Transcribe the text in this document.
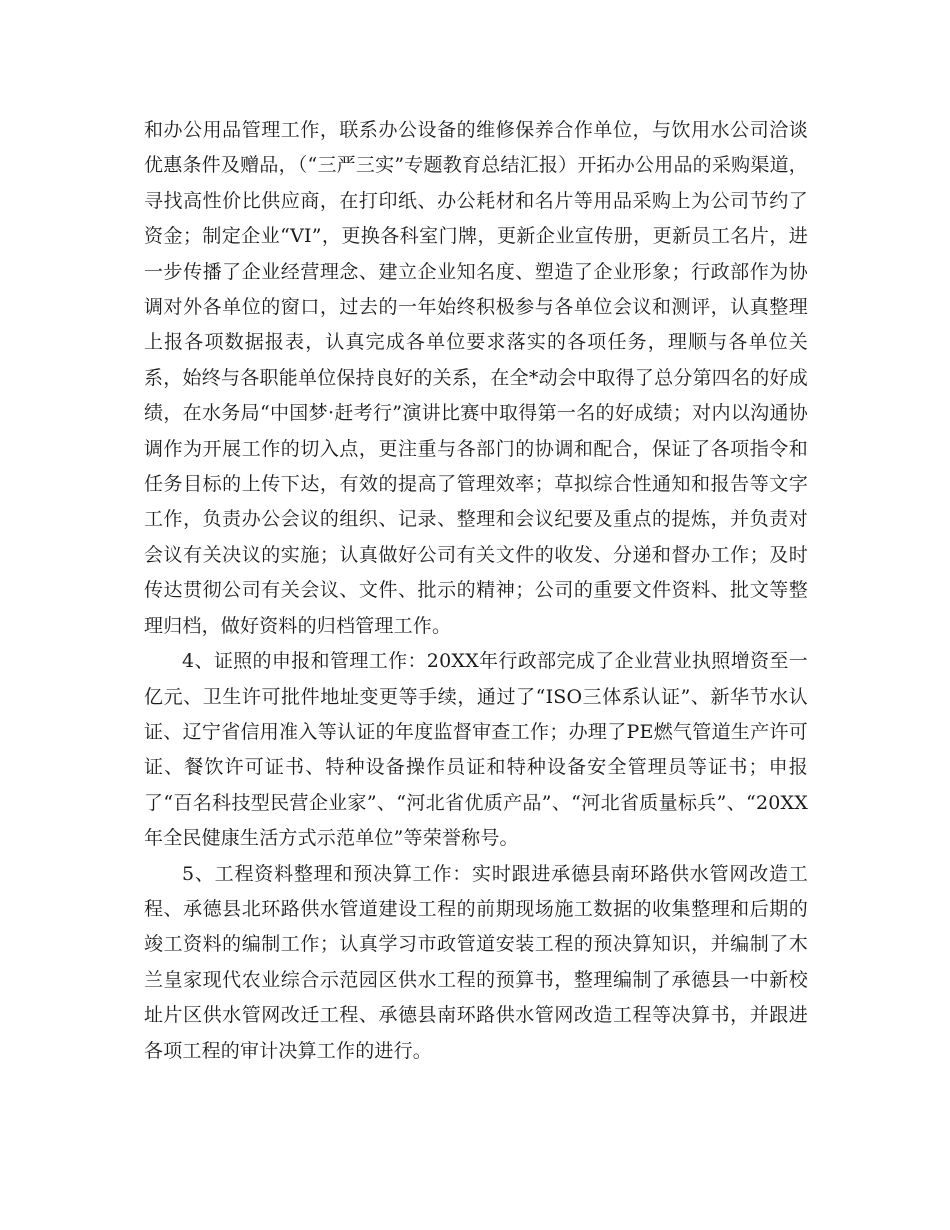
和办公用品管理工作，联系办公设备的维修保养合作单位，与饮用水公司洽谈优惠条件及赠品，（“三严三实”专题教育总结汇报）开拓办公用品的采购渠道，寻找高性价比供应商，在打印纸、办公耗材和名片等用品采购上为公司节约了资金；制定企业“VI”，更换各科室门牌，更新企业宣传册，更新员工名片，进一步传播了企业经营理念、建立企业知名度、塑造了企业形象；行政部作为协调对外各单位的窗口，过去的一年始终积极参与各单位会议和测评，认真整理上报各项数据报表，认真完成各单位要求落实的各项任务，理顺与各单位关系，始终与各职能单位保持良好的关系，在全*动会中取得了总分第四名的好成绩，在水务局“中国梦·赶考行”演讲比赛中取得第一名的好成绩；对内以沟通协调作为开展工作的切入点，更注重与各部门的协调和配合，保证了各项指令和任务目标的上传下达，有效的提高了管理效率；草拟综合性通知和报告等文字工作，负责办公会议的组织、记录、整理和会议纪要及重点的提炼，并负责对会议有关决议的实施；认真做好公司有关文件的收发、分递和督办工作；及时传达贯彻公司有关会议、文件、批示的精神；公司的重要文件资料、批文等整理归档，做好资料的归档管理工作。

4、证照的申报和管理工作：20XX年行政部完成了企业营业执照增资至一亿元、卫生许可批件地址变更等手续，通过了“ISO三体系认证”、新华节水认证、辽宁省信用准入等认证的年度监督审查工作；办理了PE燃气管道生产许可证、餐饮许可证书、特种设备操作员证和特种设备安全管理员等证书；申报了“百名科技型民营企业家”、“河北省优质产品”、“河北省质量标兵”、“20XX年全民健康生活方式示范单位”等荣誉称号。

5、工程资料整理和预决算工作：实时跟进承德县南环路供水管网改造工程、承德县北环路供水管道建设工程的前期现场施工数据的收集整理和后期的竣工资料的编制工作；认真学习市政管道安装工程的预决算知识，并编制了木兰皇家现代农业综合示范园区供水工程的预算书，整理编制了承德县一中新校址片区供水管网改迁工程、承德县南环路供水管网改造工程等决算书，并跟进各项工程的审计决算工作的进行。
